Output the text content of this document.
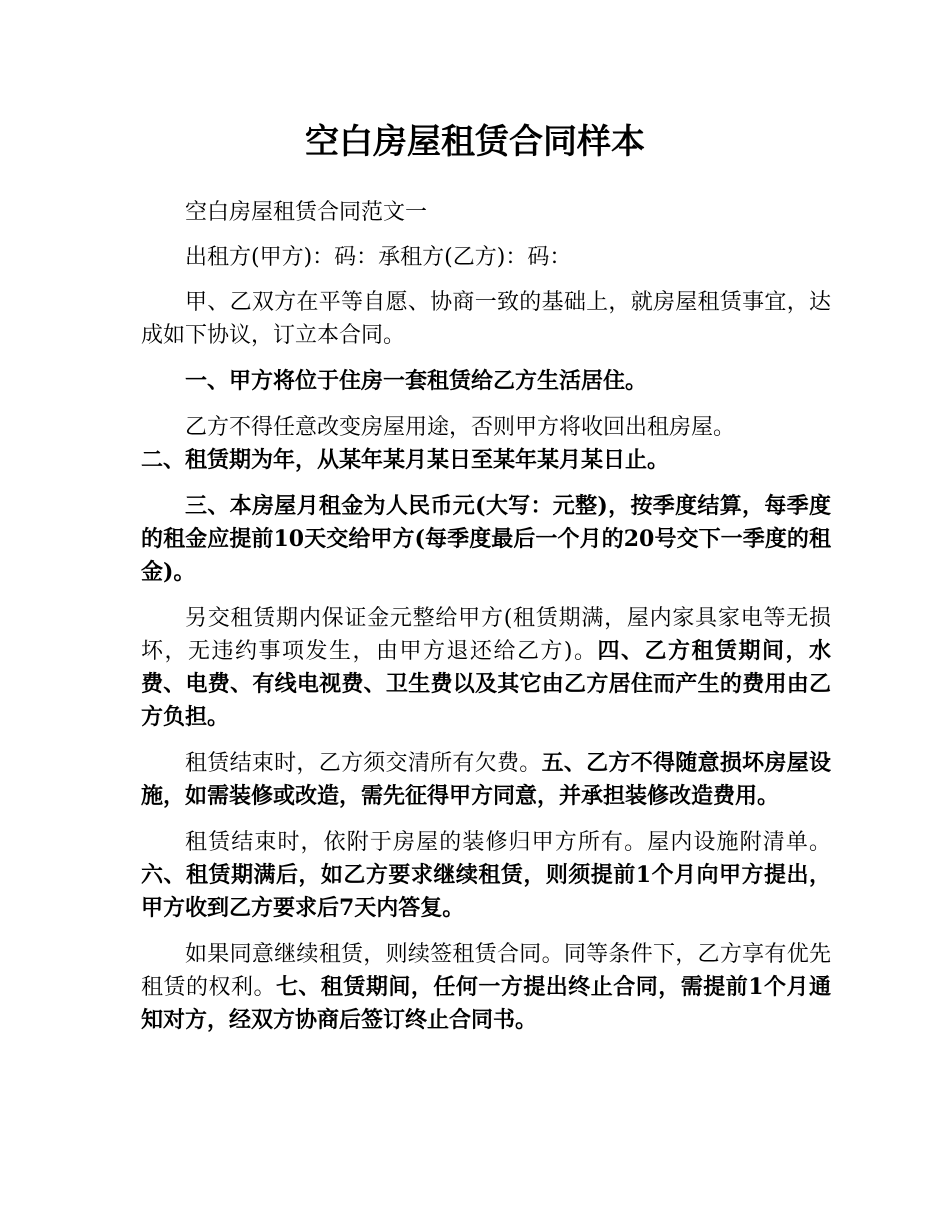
空白房屋租赁合同样本

空白房屋租赁合同范文一

出租方(甲方)：码：承租方(乙方)：码：

甲、乙双方在平等自愿、协商一致的基础上，就房屋租赁事宜，达成如下协议，订立本合同。

一、甲方将位于住房一套租赁给乙方生活居住。

乙方不得任意改变房屋用途，否则甲方将收回出租房屋。

二、租赁期为年，从某年某月某日至某年某月某日止。

三、本房屋月租金为人民币元(大写：元整)，按季度结算，每季度的租金应提前10天交给甲方(每季度最后一个月的20号交下一季度的租金)。

另交租赁期内保证金元整给甲方(租赁期满，屋内家具家电等无损坏，无违约事项发生，由甲方退还给乙方)。四、乙方租赁期间，水费、电费、有线电视费、卫生费以及其它由乙方居住而产生的费用由乙方负担。

租赁结束时，乙方须交清所有欠费。五、乙方不得随意损坏房屋设施，如需装修或改造，需先征得甲方同意，并承担装修改造费用。

租赁结束时，依附于房屋的装修归甲方所有。屋内设施附清单。六、租赁期满后，如乙方要求继续租赁，则须提前1个月向甲方提出，甲方收到乙方要求后7天内答复。

如果同意继续租赁，则续签租赁合同。同等条件下，乙方享有优先租赁的权利。七、租赁期间，任何一方提出终止合同，需提前1个月通知对方，经双方协商后签订终止合同书。
